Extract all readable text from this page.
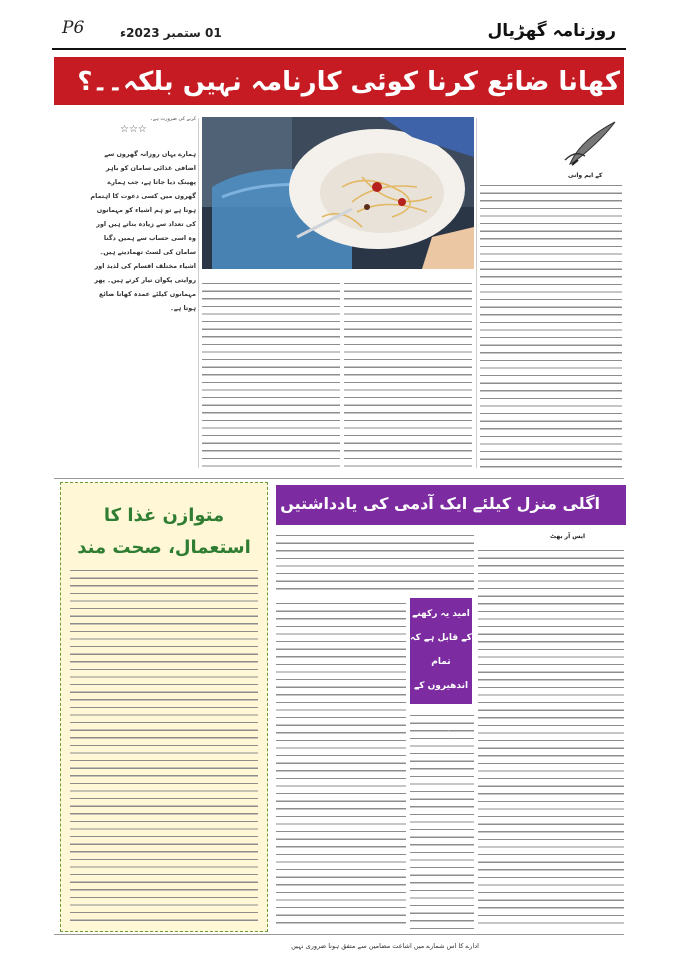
P6	01 ستمبر 2023ء	روزنامہ گھڑیال
کھانا ضائع کرنا کوئی کارنامہ نہیں بلکہ۔۔؟
کرنے کی ضرورت ہے۔
☆☆☆
ہمارے یہاں روزانہ گھروں سے اضافی غذائی سامان کو باہر پھینک دیا جاتا ہے، جب ہمارے گھروں میں کسی دعوت کا اہتمام ہوتا ہے تو ہم اشیاء کو مہمانوں کی تعداد سے زیادہ بناتے ہیں اور وہ اسی حساب سے ہمیں دگنا سامان کی لسٹ تھمادیتے ہیں۔ اشیاء مختلف اقسام کی لذیذ اور روایتی پکوان تیار کرتے ہیں۔ پھر مہمانوں کیلئے عمدہ کھانا ضائع ہوتا ہے۔
کے ایم وانی
متوازن غذا کا استعمال، صحت مند
اگلی منزل کیلئے ایک آدمی کی یادداشتیں
ایس آر بھٹ
امید یہ رکھنے کے قابل ہے کہ تمام اندھیروں کے باوجود روشنی ہے
ادارے کا اس شمارے میں اشاعت مضامین سے متفق ہونا ضروری نہیں
